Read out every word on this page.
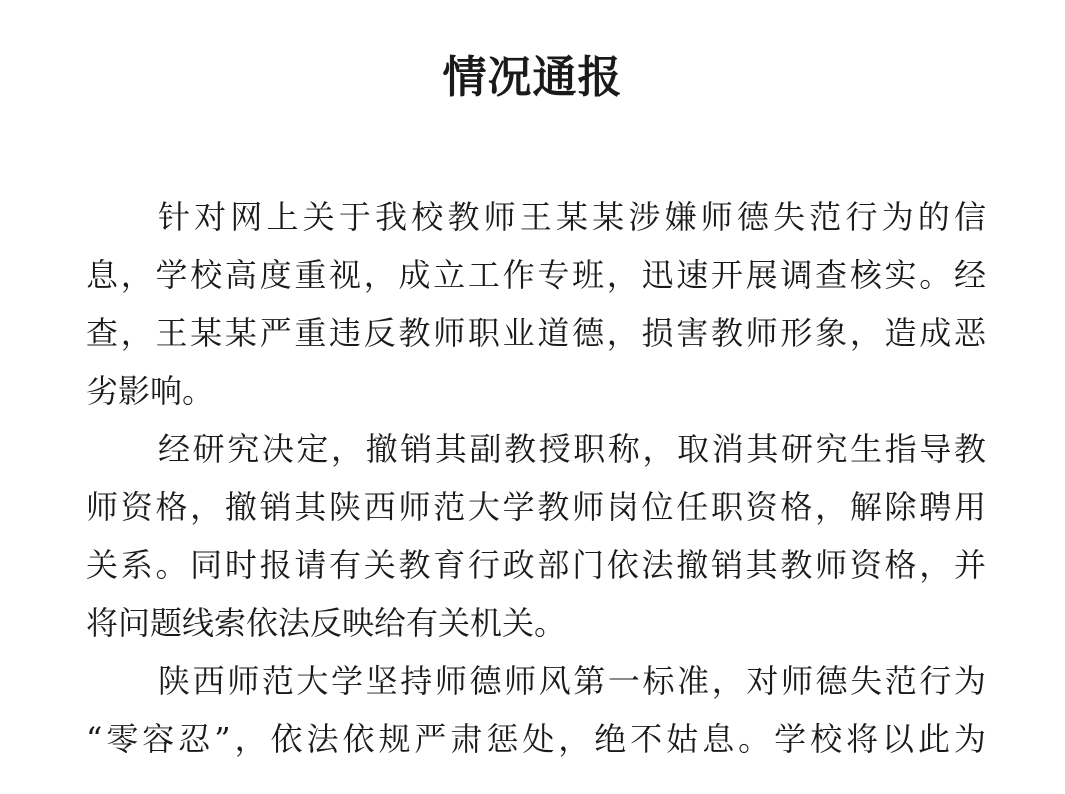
情况通报
针对网上关于我校教师王某某涉嫌师德失范行为的信
息，学校高度重视，成立工作专班，迅速开展调查核实。经
查，王某某严重违反教师职业道德，损害教师形象，造成恶
劣影响。
经研究决定，撤销其副教授职称，取消其研究生指导教
师资格，撤销其陕西师范大学教师岗位任职资格，解除聘用
关系。同时报请有关教育行政部门依法撤销其教师资格，并
将问题线索依法反映给有关机关。
陕西师范大学坚持师德师风第一标准，对师德失范行为
“零容忍”，依法依规严肃惩处，绝不姑息。学校将以此为
